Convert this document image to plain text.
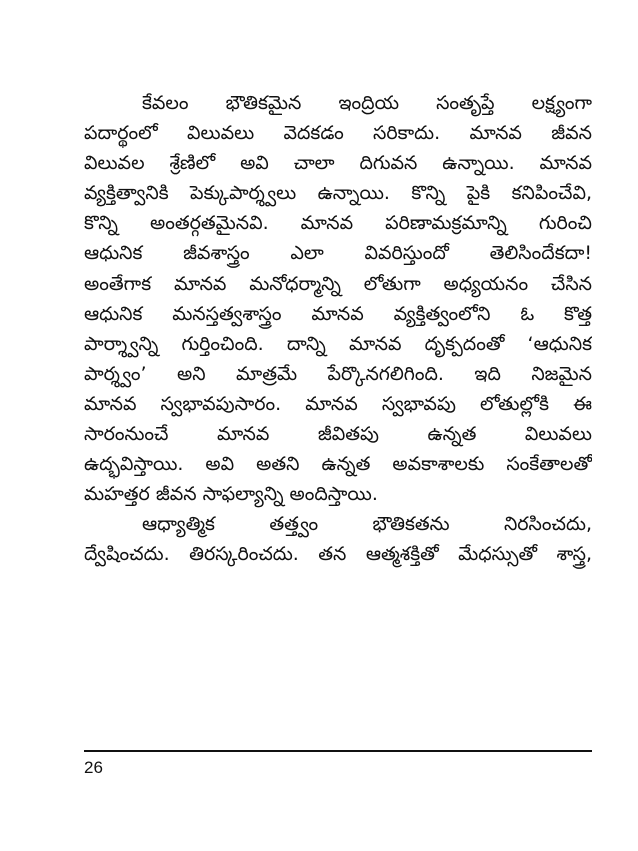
కేవలం భౌతికమైన ఇంద్రియ సంతృప్తే లక్ష్యంగా
పదార్థంలో విలువలు వెదకడం సరికాదు. మానవ జీవన
విలువల శ్రేణిలో అవి చాలా దిగువన ఉన్నాయి. మానవ
వ్యక్తిత్వానికి పెక్కుపార్శ్వలు ఉన్నాయి. కొన్ని పైకి కనిపించేవి,
కొన్ని అంతర్గతమైనవి. మానవ పరిణామక్రమాన్ని గురించి
ఆధునిక జీవశాస్త్రం ఎలా వివరిస్తుందో తెలిసిందేకదా!
అంతేగాక మానవ మనోధర్మాన్ని లోతుగా అధ్యయనం చేసిన
ఆధునిక మనస్తత్వశాస్త్రం మానవ వ్యక్తిత్వంలోని ఓ కొత్త
పార్శ్వాన్ని గుర్తించింది. దాన్ని మానవ దృక్పదంతో ‘ఆధునిక
పార్శ్వం’ అని మాత్రమే పేర్కొనగలిగింది. ఇది నిజమైన
మానవ స్వభావపుసారం. మానవ స్వభావపు లోతుల్లోకి ఈ
సారంనుంచే మానవ జీవితపు ఉన్నత విలువలు
ఉద్భవిస్తాయి. అవి అతని ఉన్నత అవకాశాలకు సంకేతాలతో
మహత్తర జీవన సాఫల్యాన్ని అందిస్తాయి.
ఆధ్యాత్మిక తత్త్వం భౌతికతను నిరసించదు,
ద్వేషించదు. తిరస్కరించదు. తన ఆత్మశక్తితో మేధస్సుతో శాస్త్ర,
26
